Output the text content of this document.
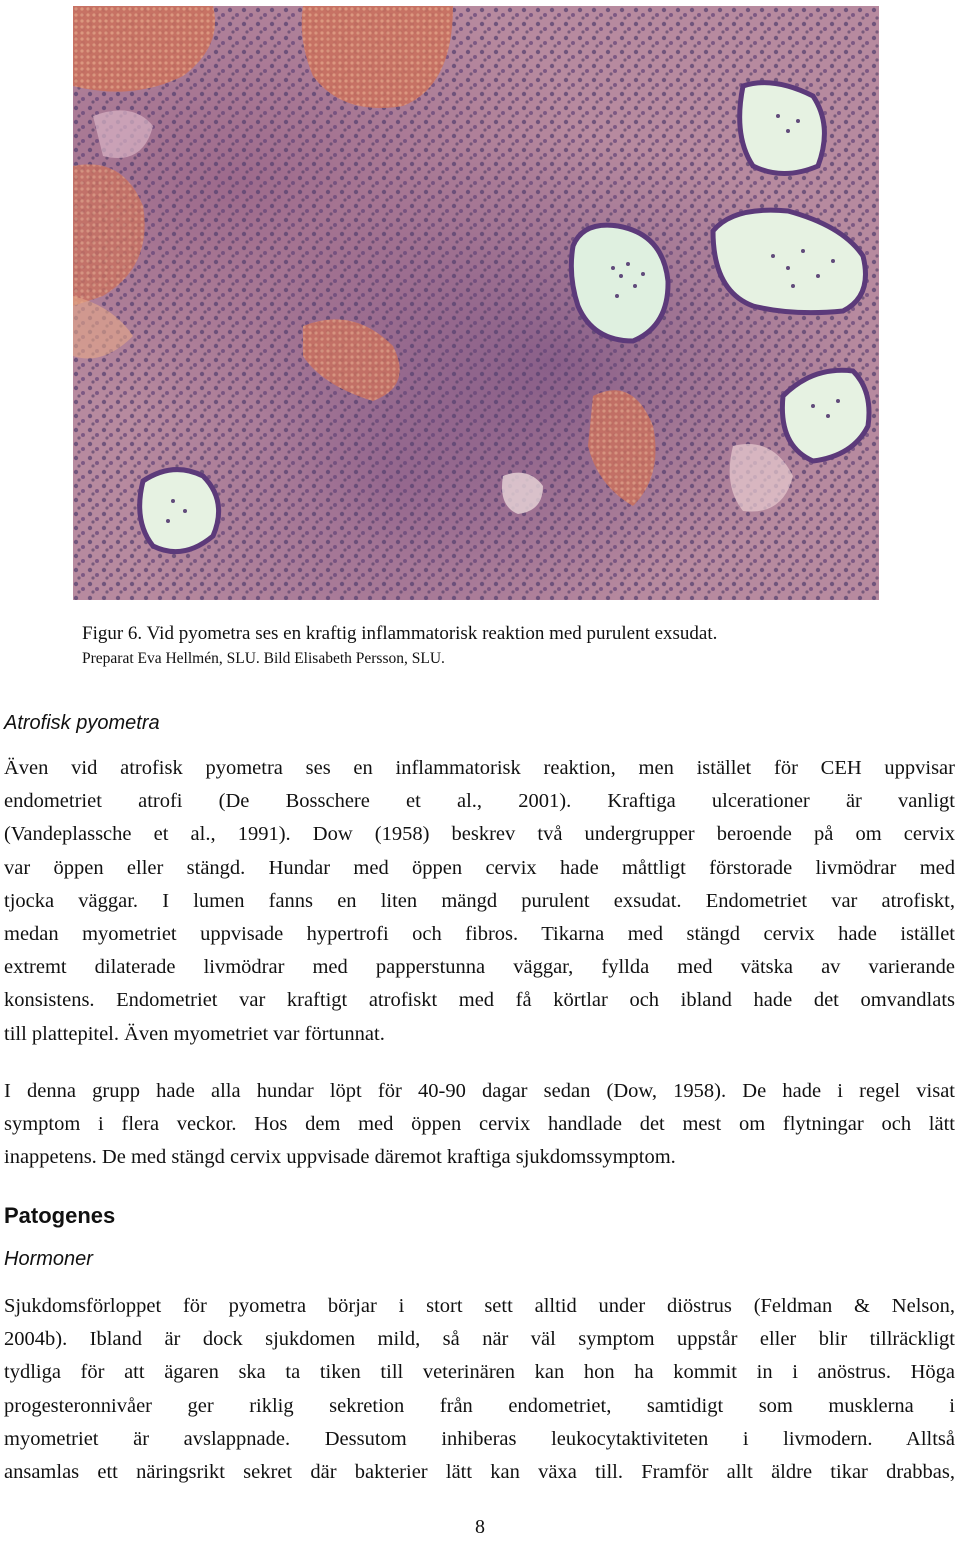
Figur 6. Vid pyometra ses en kraftig inflammatorisk reaktion med purulent exsudat.
Preparat Eva Hellmén, SLU. Bild Elisabeth Persson, SLU.
Atrofisk pyometra
Även vid atrofisk pyometra ses en inflammatorisk reaktion, men istället för CEH uppvisar
endometriet atrofi (De Bosschere et al., 2001). Kraftiga ulcerationer är vanligt
(Vandeplassche et al., 1991). Dow (1958) beskrev två undergrupper beroende på om cervix
var öppen eller stängd. Hundar med öppen cervix hade måttligt förstorade livmödrar med
tjocka väggar. I lumen fanns en liten mängd purulent exsudat. Endometriet var atrofiskt,
medan myometriet uppvisade hypertrofi och fibros. Tikarna med stängd cervix hade istället
extremt dilaterade livmödrar med papperstunna väggar, fyllda med vätska av varierande
konsistens. Endometriet var kraftigt atrofiskt med få körtlar och ibland hade det omvandlats
till plattepitel. Även myometriet var förtunnat.
I denna grupp hade alla hundar löpt för 40-90 dagar sedan (Dow, 1958). De hade i regel visat
symptom i flera veckor. Hos dem med öppen cervix handlade det mest om flytningar och lätt
inappetens. De med stängd cervix uppvisade däremot kraftiga sjukdomssymptom.
Patogenes
Hormoner
Sjukdomsförloppet för pyometra börjar i stort sett alltid under diöstrus (Feldman & Nelson,
2004b). Ibland är dock sjukdomen mild, så när väl symptom uppstår eller blir tillräckligt
tydliga för att ägaren ska ta tiken till veterinären kan hon ha kommit in i anöstrus. Höga
progesteronnivåer ger riklig sekretion från endometriet, samtidigt som musklerna i
myometriet är avslappnade. Dessutom inhiberas leukocytaktiviteten i livmodern. Alltså
ansamlas ett näringsrikt sekret där bakterier lätt kan växa till. Framför allt äldre tikar drabbas,
8
